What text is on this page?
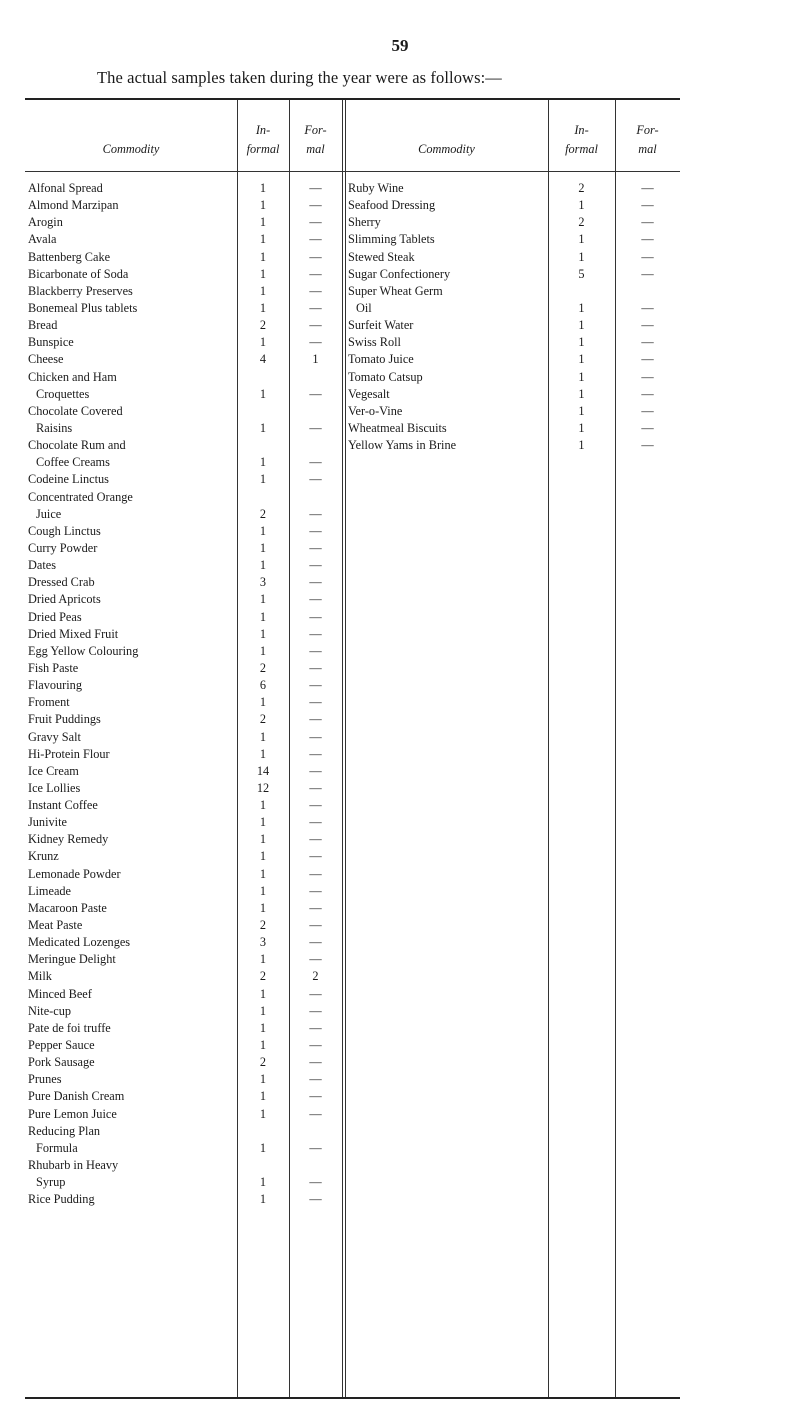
59
The actual samples taken during the year were as follows:—
Commodity
In-
formal
For-
mal	Commodity
In-
formal
For-
mal
Alfonal Spread
Almond Marzipan
Arogin
Avala
Battenberg Cake
Bicarbonate of Soda
Blackberry Preserves
Bonemeal Plus tablets
Bread
Bunspice
Cheese
Chicken and Ham
Croquettes
Chocolate Covered
Raisins
Chocolate Rum and
Coffee Creams
Codeine Linctus
Concentrated Orange
Juice
Cough Linctus
Curry Powder
Dates
Dressed Crab
Dried Apricots
Dried Peas
Dried Mixed Fruit
Egg Yellow Colouring
Fish Paste
Flavouring
Froment
Fruit Puddings
Gravy Salt
Hi-Protein Flour
Ice Cream
Ice Lollies
Instant Coffee
Junivite
Kidney Remedy
Krunz
Lemonade Powder
Limeade
Macaroon Paste
Meat Paste
Medicated Lozenges
Meringue Delight
Milk
Minced Beef
Nite-cup
Pate de foi truffe
Pepper Sauce
Pork Sausage
Prunes
Pure Danish Cream
Pure Lemon Juice
Reducing Plan
Formula
Rhubarb in Heavy
Syrup
Rice Pudding
1
1
1
1
1
1
1
1
2
1
4
1
1
1
1
2
1
1
1
3
1
1
1
1
2
6
1
2
1
1
14
12
1
1
1
1
1
1
1
2
3
1
2
1
1
1
1
2
1
1
1
1
1
1
—
—
—
—
—
—
—
—
—
—
1
—
—
—
—
—
—
—
—
—
—
—
—
—
—
—
—
—
—
—
—
—
—
—
—
—
—
—
—
—
—
—
2
—
—
—
—
—
—
—
—
—
—
—
Ruby Wine
Seafood Dressing
Sherry
Slimming Tablets
Stewed Steak
Sugar Confectionery
Super Wheat Germ
Oil
Surfeit Water
Swiss Roll
Tomato Juice
Tomato Catsup
Vegesalt
Ver-o-Vine
Wheatmeal Biscuits
Yellow Yams in Brine
2
1
2
1
1
5
1
1
1
1
1
1
1
1
1
—
—
—
—
—
—
—
—
—
—
—
—
—
—
—
